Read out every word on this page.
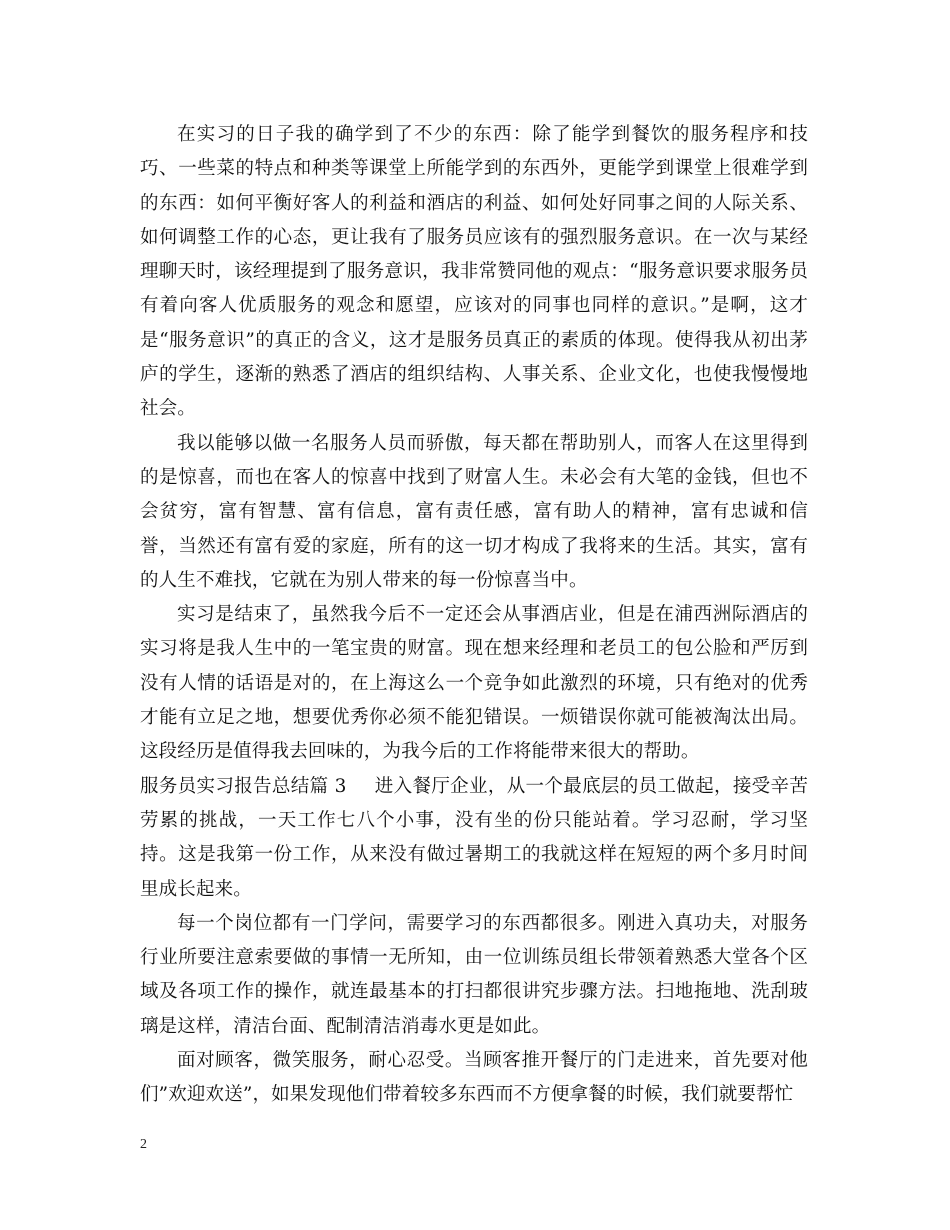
在实习的日子我的确学到了不少的东西：除了能学到餐饮的服务程序和技巧、一些菜的特点和种类等课堂上所能学到的东西外，更能学到课堂上很难学到的东西：如何平衡好客人的利益和酒店的利益、如何处好同事之间的人际关系、如何调整工作的心态，更让我有了服务员应该有的强烈服务意识。在一次与某经理聊天时，该经理提到了服务意识，我非常赞同他的观点：“服务意识要求服务员有着向客人优质服务的观念和愿望，应该对的同事也同样的意识。”是啊，这才是“服务意识”的真正的含义，这才是服务员真正的素质的体现。使得我从初出茅庐的学生，逐渐的熟悉了酒店的组织结构、人事关系、企业文化，也使我慢慢地社会。

我以能够以做一名服务人员而骄傲，每天都在帮助别人，而客人在这里得到的是惊喜，而也在客人的惊喜中找到了财富人生。未必会有大笔的金钱，但也不会贫穷，富有智慧、富有信息，富有责任感，富有助人的精神，富有忠诚和信誉，当然还有富有爱的家庭，所有的这一切才构成了我将来的生活。其实，富有的人生不难找，它就在为别人带来的每一份惊喜当中。

实习是结束了，虽然我今后不一定还会从事酒店业，但是在浦西洲际酒店的实习将是我人生中的一笔宝贵的财富。现在想来经理和老员工的包公脸和严厉到没有人情的话语是对的，在上海这么一个竞争如此激烈的环境，只有绝对的优秀才能有立足之地，想要优秀你必须不能犯错误。一烦错误你就可能被淘汰出局。这段经历是值得我去回味的，为我今后的工作将能带来很大的帮助。

服务员实习报告总结篇 3 进入餐厅企业，从一个最底层的员工做起，接受辛苦劳累的挑战，一天工作七八个小事，没有坐的份只能站着。学习忍耐，学习坚持。这是我第一份工作，从来没有做过暑期工的我就这样在短短的两个多月时间里成长起来。

每一个岗位都有一门学问，需要学习的东西都很多。刚进入真功夫，对服务行业所要注意索要做的事情一无所知，由一位训练员组长带领着熟悉大堂各个区域及各项工作的操作，就连最基本的打扫都很讲究步骤方法。扫地拖地、洗刮玻璃是这样，清洁台面、配制清洁消毒水更是如此。

面对顾客，微笑服务，耐心忍受。当顾客推开餐厅的门走进来，首先要对他们”欢迎欢送”，如果发现他们带着较多东西而不方便拿餐的时候，我们就要帮忙

2
